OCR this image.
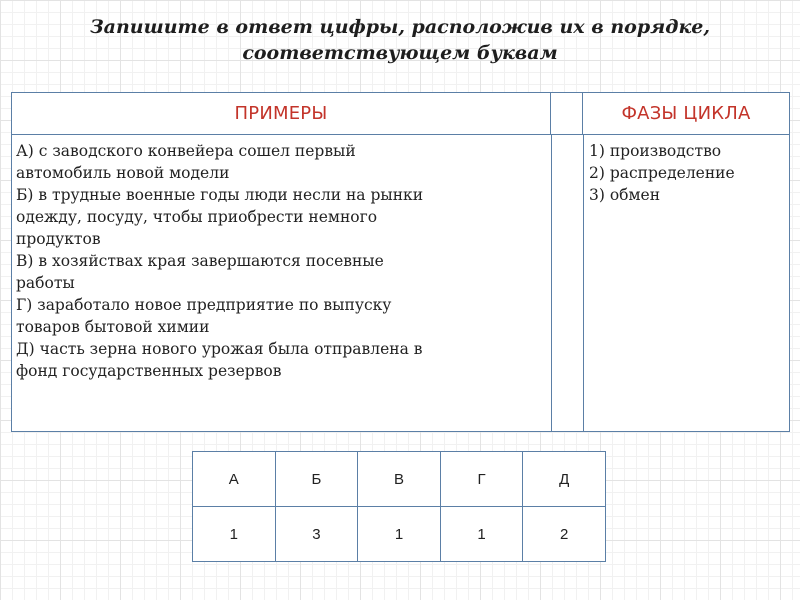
Запишите в ответ цифры, расположив их в порядке,
соответствующем буквам
ПРИМЕРЫ	ФАЗЫ ЦИКЛА
А) с заводского конвейера сошел первый
автомобиль новой модели
Б) в трудные военные годы люди несли на рынки
одежду, посуду, чтобы приобрести немного
продуктов
В) в хозяйствах края завершаются посевные
работы
Г) заработало новое предприятие по выпуску
товаров бытовой химии
Д) часть зерна нового урожая была отправлена в
фонд государственных резервов
1) производство
2) распределение
3) обмен
А	Б	В	Г	Д
1	3	1	1	2
